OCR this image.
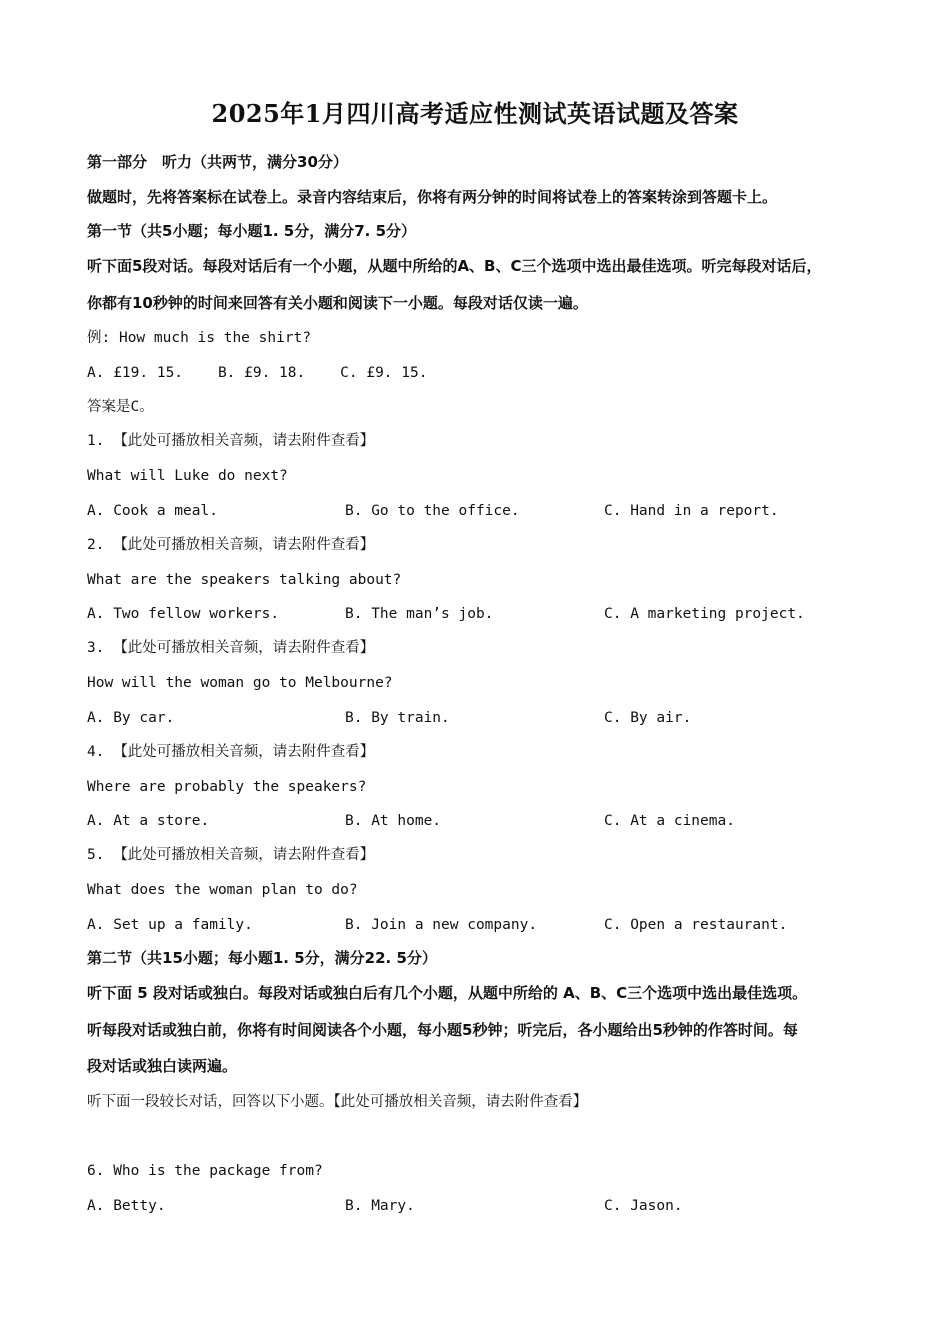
2025年1月四川高考适应性测试英语试题及答案
第一部分　听力（共两节，满分30分）
做题时，先将答案标在试卷上。录音内容结束后，你将有两分钟的时间将试卷上的答案转涂到答题卡上。
第一节（共5小题；每小题1. 5分，满分7. 5分）
听下面5段对话。每段对话后有一个小题，从题中所给的A、B、C三个选项中选出最佳选项。听完每段对话后，
你都有10秒钟的时间来回答有关小题和阅读下一小题。每段对话仅读一遍。
例: How much is the shirt?
A. £19. 15.    B. £9. 18.    C. £9. 15.
答案是C。
1. 【此处可播放相关音频，请去附件查看】
What will Luke do next?
A. Cook a meal.	B. Go to the office.	C. Hand in a report.
2. 【此处可播放相关音频，请去附件查看】
What are the speakers talking about?
A. Two fellow workers.	B. The man’s job.	C. A marketing project.
3. 【此处可播放相关音频，请去附件查看】
How will the woman go to Melbourne?
A. By car.	B. By train.	C. By air.
4. 【此处可播放相关音频，请去附件查看】
Where are probably the speakers?
A. At a store.	B. At home.	C. At a cinema.
5. 【此处可播放相关音频，请去附件查看】
What does the woman plan to do?
A. Set up a family.	B. Join a new company.	C. Open a restaurant.
第二节（共15小题；每小题1. 5分，满分22. 5分）
听下面 5 段对话或独白。每段对话或独白后有几个小题，从题中所给的 A、B、C三个选项中选出最佳选项。
听每段对话或独白前，你将有时间阅读各个小题，每小题5秒钟；听完后，各小题给出5秒钟的作答时间。每
段对话或独白读两遍。
听下面一段较长对话，回答以下小题。【此处可播放相关音频，请去附件查看】
6. Who is the package from?
A. Betty.	B. Mary.	C. Jason.
